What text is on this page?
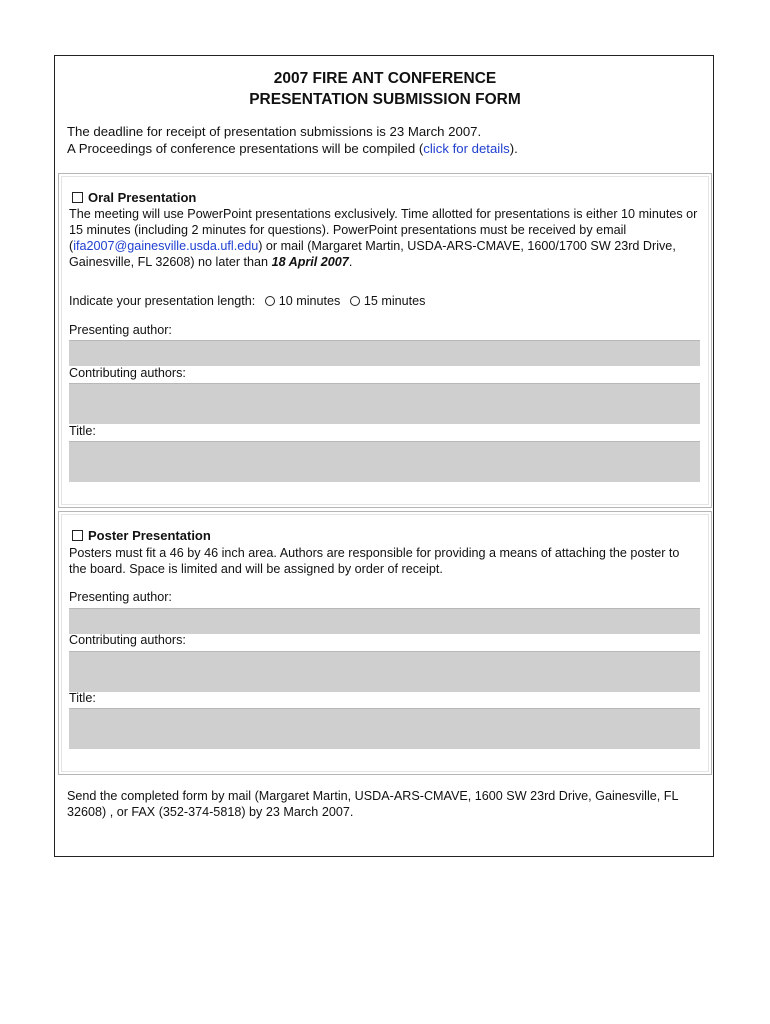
2007 FIRE ANT CONFERENCE
PRESENTATION SUBMISSION FORM
The deadline for receipt of presentation submissions is 23 March 2007.
A Proceedings of conference presentations will be compiled (click for details).
Oral Presentation
The meeting will use PowerPoint presentations exclusively. Time allotted for presentations is either 10 minutes or 15 minutes (including 2 minutes for questions). PowerPoint presentations must be received by email (ifa2007@gainesville.usda.ufl.edu) or mail (Margaret Martin, USDA-ARS-CMAVE, 1600/1700 SW 23rd Drive, Gainesville, FL 32608) no later than 18 April 2007.
Indicate your presentation length: 10 minutes 15 minutes
Presenting author:
Contributing authors:
Title:
Poster Presentation
Posters must fit a 46 by 46 inch area. Authors are responsible for providing a means of attaching the poster to the board. Space is limited and will be assigned by order of receipt.
Presenting author:
Contributing authors:
Title:
Send the completed form by mail (Margaret Martin, USDA-ARS-CMAVE, 1600 SW 23rd Drive, Gainesville, FL 32608) , or FAX (352-374-5818) by 23 March 2007.
